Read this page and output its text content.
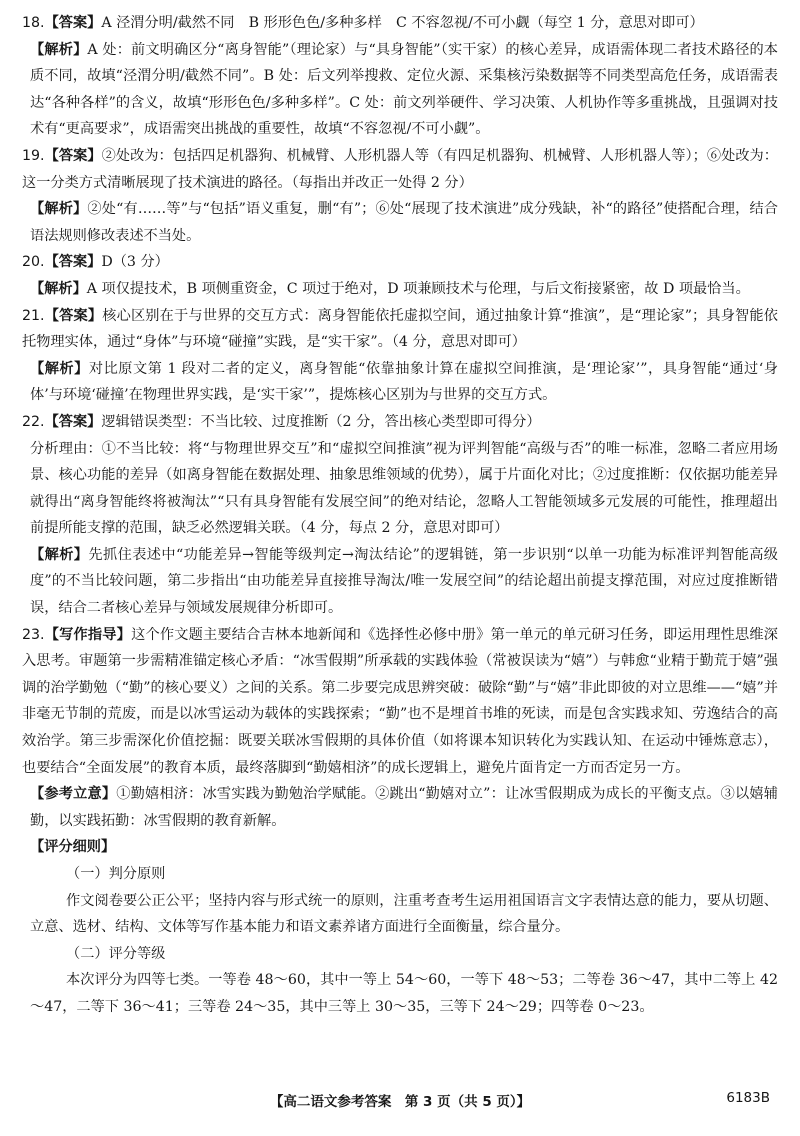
18.【答案】A 泾渭分明/截然不同　B 形形色色/多种多样　C 不容忽视/不可小觑（每空 1 分，意思对即可）

【解析】A 处：前文明确区分“离身智能”（理论家）与“具身智能”（实干家）的核心差异，成语需体现二者技术路径的本质不同，故填“泾渭分明/截然不同”。B 处：后文列举搜救、定位火源、采集核污染数据等不同类型高危任务，成语需表达“各种各样”的含义，故填“形形色色/多种多样”。C 处：前文列举硬件、学习决策、人机协作等多重挑战，且强调对技术有“更高要求”，成语需突出挑战的重要性，故填“不容忽视/不可小觑”。

19.【答案】②处改为：包括四足机器狗、机械臂、人形机器人等（有四足机器狗、机械臂、人形机器人等）；⑥处改为：这一分类方式清晰展现了技术演进的路径。（每指出并改正一处得 2 分）

【解析】②处“有……等”与“包括”语义重复，删“有”；⑥处“展现了技术演进”成分残缺，补“的路径”使搭配合理，结合语法规则修改表述不当处。

20.【答案】D（3 分）

【解析】A 项仅提技术，B 项侧重资金，C 项过于绝对，D 项兼顾技术与伦理，与后文衔接紧密，故 D 项最恰当。

21.【答案】核心区别在于与世界的交互方式：离身智能依托虚拟空间，通过抽象计算“推演”，是“理论家”；具身智能依托物理实体，通过“身体”与环境“碰撞”实践，是“实干家”。（4 分，意思对即可）

【解析】对比原文第 1 段对二者的定义，离身智能“依靠抽象计算在虚拟空间推演，是‘理论家’”，具身智能“通过‘身体’与环境‘碰撞’在物理世界实践，是‘实干家’”，提炼核心区别为与世界的交互方式。

22.【答案】逻辑错误类型：不当比较、过度推断（2 分，答出核心类型即可得分）

分析理由：①不当比较：将“与物理世界交互”和“虚拟空间推演”视为评判智能“高级与否”的唯一标准，忽略二者应用场景、核心功能的差异（如离身智能在数据处理、抽象思维领域的优势），属于片面化对比；②过度推断：仅依据功能差异就得出“离身智能终将被淘汰”“只有具身智能有发展空间”的绝对结论，忽略人工智能领域多元发展的可能性，推理超出前提所能支撑的范围，缺乏必然逻辑关联。（4 分，每点 2 分，意思对即可）

【解析】先抓住表述中“功能差异→智能等级判定→淘汰结论”的逻辑链，第一步识别“以单一功能为标准评判智能高级度”的不当比较问题，第二步指出“由功能差异直接推导淘汰/唯一发展空间”的结论超出前提支撑范围，对应过度推断错误，结合二者核心差异与领域发展规律分析即可。

23.【写作指导】这个作文题主要结合吉林本地新闻和《选择性必修中册》第一单元的单元研习任务，即运用理性思维深入思考。审题第一步需精准锚定核心矛盾：“冰雪假期”所承载的实践体验（常被误读为“嬉”）与韩愈“业精于勤荒于嬉”强调的治学勤勉（“勤”的核心要义）之间的关系。第二步要完成思辨突破：破除“勤”与“嬉”非此即彼的对立思维——“嬉”并非毫无节制的荒废，而是以冰雪运动为载体的实践探索；“勤”也不是埋首书堆的死读，而是包含实践求知、劳逸结合的高效治学。第三步需深化价值挖掘：既要关联冰雪假期的具体价值（如将课本知识转化为实践认知、在运动中锤炼意志），也要结合“全面发展”的教育本质，最终落脚到“勤嬉相济”的成长逻辑上，避免片面肯定一方而否定另一方。

【参考立意】①勤嬉相济：冰雪实践为勤勉治学赋能。②跳出“勤嬉对立”：让冰雪假期成为成长的平衡支点。③以嬉辅勤，以实践拓勤：冰雪假期的教育新解。

【评分细则】

（一）判分原则

作文阅卷要公正公平；坚持内容与形式统一的原则，注重考查考生运用祖国语言文字表情达意的能力，要从切题、立意、选材、结构、文体等写作基本能力和语文素养诸方面进行全面衡量，综合量分。

（二）评分等级

本次评分为四等七类。一等卷 48～60，其中一等上 54～60，一等下 48～53；二等卷 36～47，其中二等上 42～47，二等下 36～41；三等卷 24～35，其中三等上 30～35，三等下 24～29；四等卷 0～23。

【高二语文参考答案　第 3 页（共 5 页）】	6183B
